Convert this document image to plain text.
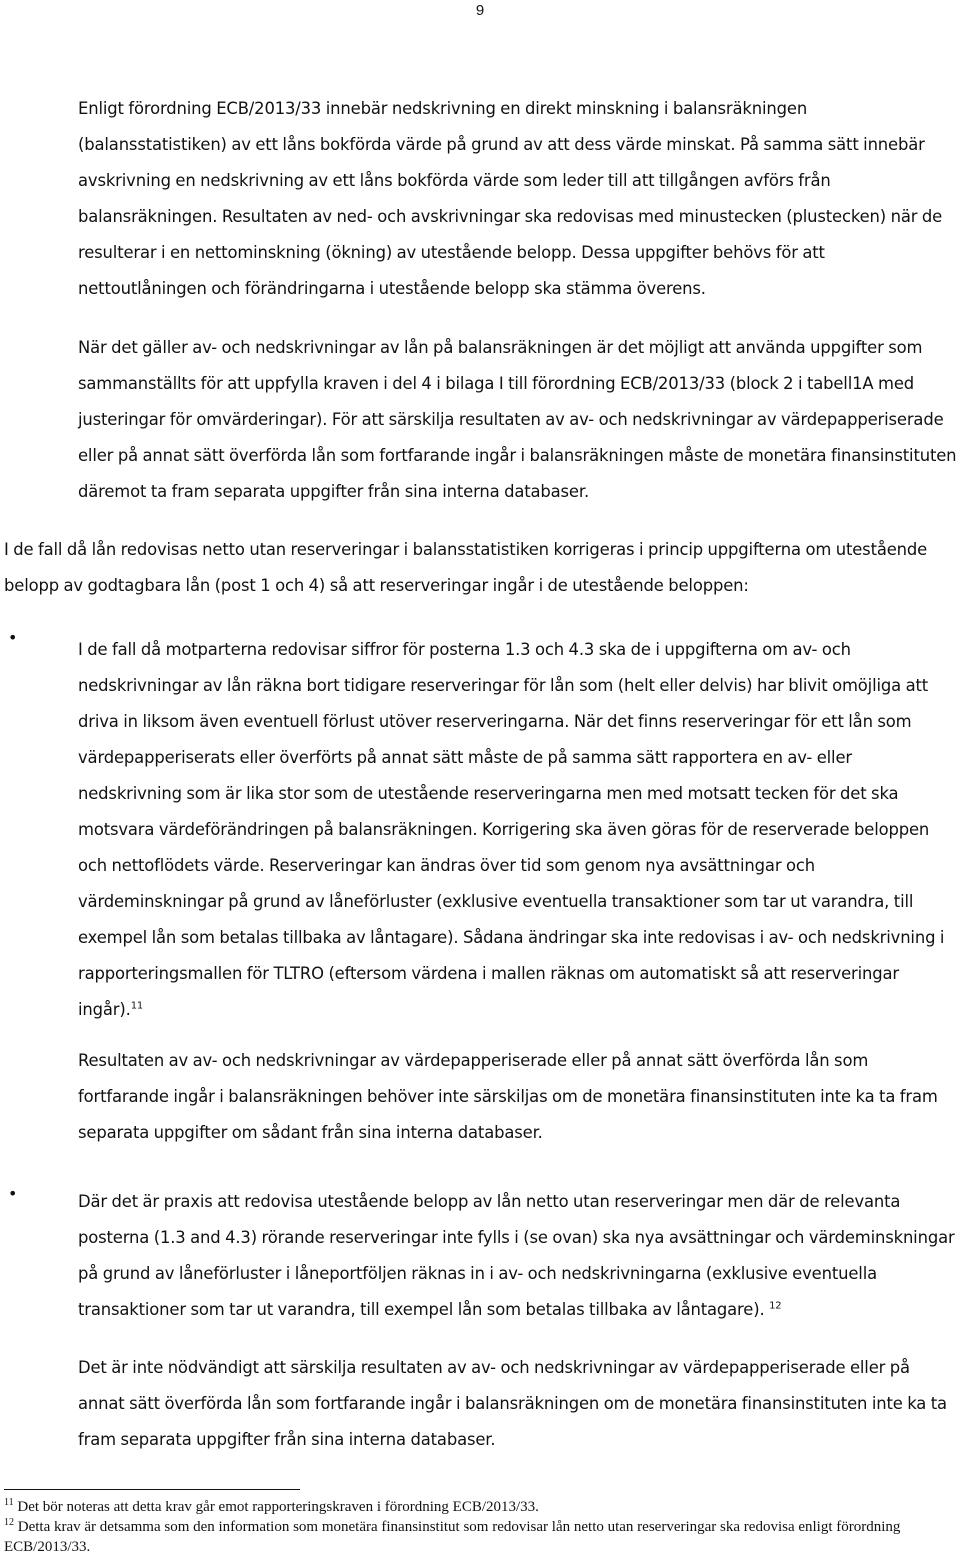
9

Enligt förordning ECB/2013/33 innebär nedskrivning en direkt minskning i balansräkningen (balansstatistiken) av ett låns bokförda värde på grund av att dess värde minskat. På samma sätt innebär avskrivning en nedskrivning av ett låns bokförda värde som leder till att tillgången avförs från balansräkningen. Resultaten av ned- och avskrivningar ska redovisas med minustecken (plustecken) när de resulterar i en nettominskning (ökning) av utestående belopp. Dessa uppgifter behövs för att nettoutlåningen och förändringarna i utestående belopp ska stämma överens.

När det gäller av- och nedskrivningar av lån på balansräkningen är det möjligt att använda uppgifter som sammanställts för att uppfylla kraven i del 4 i bilaga I till förordning ECB/2013/33 (block 2 i tabell1A med justeringar för omvärderingar). För att särskilja resultaten av av- och nedskrivningar av värdepapperiserade eller på annat sätt överförda lån som fortfarande ingår i balansräkningen måste de monetära finansinstituten däremot ta fram separata uppgifter från sina interna databaser.

I de fall då lån redovisas netto utan reserveringar i balansstatistiken korrigeras i princip uppgifterna om utestående belopp av godtagbara lån (post 1 och 4) så att reserveringar ingår i de utestående beloppen:

•

I de fall då motparterna redovisar siffror för posterna 1.3 och 4.3 ska de i uppgifterna om av- och nedskrivningar av lån räkna bort tidigare reserveringar för lån som (helt eller delvis) har blivit omöjliga att driva in liksom även eventuell förlust utöver reserveringarna. När det finns reserveringar för ett lån som värdepapperiserats eller överförts på annat sätt måste de på samma sätt rapportera en av- eller nedskrivning som är lika stor som de utestående reserveringarna men med motsatt tecken för det ska motsvara värdeförändringen på balansräkningen. Korrigering ska även göras för de reserverade beloppen och nettoflödets värde. Reserveringar kan ändras över tid som genom nya avsättningar och värdeminskningar på grund av låneförluster (exklusive eventuella transaktioner som tar ut varandra, till exempel lån som betalas tillbaka av låntagare). Sådana ändringar ska inte redovisas i av- och nedskrivning i rapporteringsmallen för TLTRO (eftersom värdena i mallen räknas om automatiskt så att reserveringar ingår).$^{11}$

Resultaten av av- och nedskrivningar av värdepapperiserade eller på annat sätt överförda lån som fortfarande ingår i balansräkningen behöver inte särskiljas om de monetära finansinstituten inte ka ta fram separata uppgifter om sådant från sina interna databaser.

•	Där det är praxis att redovisa utestående belopp av lån netto utan reserveringar men där de relevanta posterna (1.3 and 4.3) rörande reserveringar inte fylls i (se ovan) ska nya avsättningar och värdeminskningar på grund av låneförluster i låneportföljen räknas in i av- och nedskrivningarna (exklusive eventuella transaktioner som tar ut varandra, till exempel lån som betalas tillbaka av låntagare). $^{12}$

Det är inte nödvändigt att särskilja resultaten av av- och nedskrivningar av värdepapperiserade eller på annat sätt överförda lån som fortfarande ingår i balansräkningen om de monetära finansinstituten inte ka ta fram separata uppgifter från sina interna databaser.

$^{11}$ Det bör noteras att detta krav går emot rapporteringskraven i förordning ECB/2013/33.

$^{12}$ Detta krav är detsamma som den information som monetära finansinstitut som redovisar lån netto utan reserveringar ska redovisa enligt förordning ECB/2013/33.
